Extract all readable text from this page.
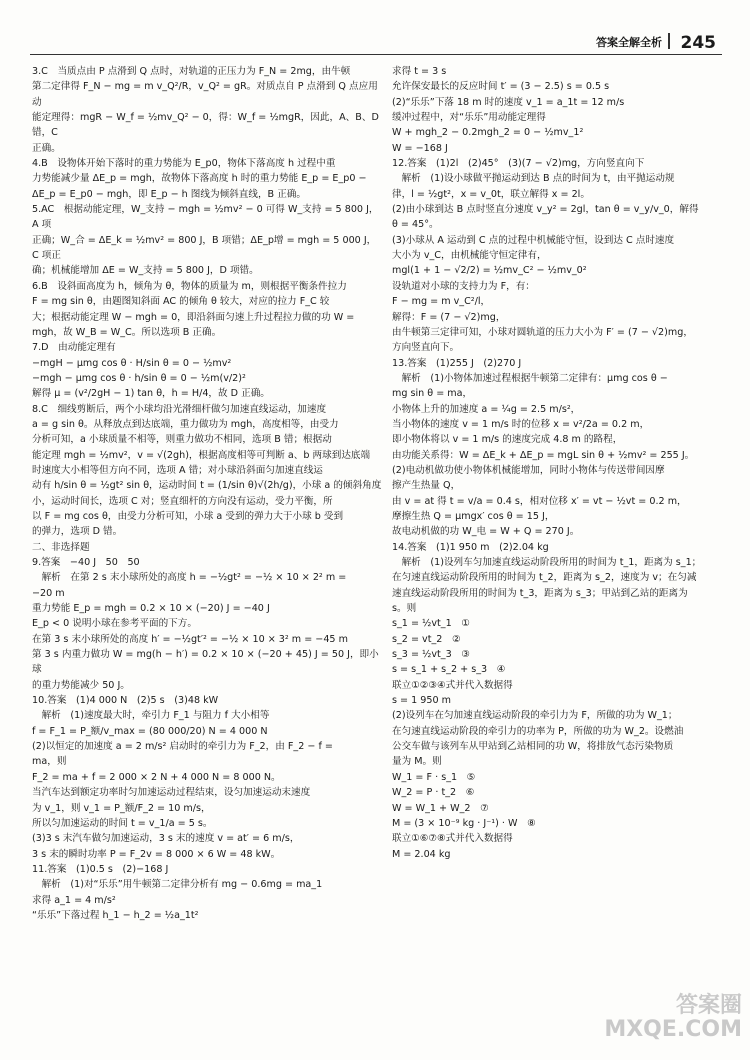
答案全解全析 245

3.C　当质点由 P 点滑到 Q 点时，对轨道的正压力为 F_N = 2mg，由牛顿

第二定律得 F_N − mg = m v_Q²/R，v_Q² = gR。对质点自 P 点滑到 Q 点应用动

能定理得：mgR − W_f = ½mv_Q² − 0，得：W_f = ½mgR，因此，A、B、D 错，C

正确。

4.B　设物体开始下落时的重力势能为 E_p0，物体下落高度 h 过程中重

力势能减少量 ΔE_p = mgh，故物体下落高度 h 时的重力势能 E_p = E_p0 −

ΔE_p = E_p0 − mgh，即 E_p − h 图线为倾斜直线，B 正确。

5.AC　根据动能定理，W_支持 − mgh = ½mv² − 0 可得 W_支持 = 5 800 J，A 项

正确；W_合 = ΔE_k = ½mv² = 800 J，B 项错；ΔE_p增 = mgh = 5 000 J，C 项正

确；机械能增加 ΔE = W_支持 = 5 800 J，D 项错。

6.B　设斜面高度为 h，倾角为 θ，物体的质量为 m，则根据平衡条件拉力

F = mg sin θ，由题图知斜面 AC 的倾角 θ 较大，对应的拉力 F_C 较

大；根据动能定理 W − mgh = 0，即沿斜面匀速上升过程拉力做的功 W =

mgh，故 W_B = W_C。所以选项 B 正确。

7.D　由动能定理有

−mgH − μmg cos θ · H/sin θ = 0 − ½mv²

−mgh − μmg cos θ · h/sin θ = 0 − ½m(v/2)²

解得 μ = (v²/2gH − 1) tan θ，h = H/4，故 D 正确。

8.C　细线剪断后，两个小球均沿光滑细杆做匀加速直线运动，加速度

a = g sin θ。从释放点到达底端，重力做功为 mgh，高度相等，由受力

分析可知，a 小球质量不相等，则重力做功不相同，选项 B 错；根据动

能定理 mgh = ½mv²，v = √(2gh)，根据高度相等可判断 a、b 两球到达底端

时速度大小相等但方向不同，选项 A 错；对小球沿斜面匀加速直线运

动有 h/sin θ = ½gt² sin θ，运动时间 t = (1/sin θ)√(2h/g)，小球 a 的倾斜角度

小，运动时间长，选项 C 对；竖直细杆的方向没有运动，受力平衡，所

以 F = mg cos θ，由受力分析可知，小球 a 受到的弹力大于小球 b 受到

的弹力，选项 D 错。

二、非选择题

9.答案　−40 J　50　50

　解析　在第 2 s 末小球所处的高度 h = −½gt² = −½ × 10 × 2² m =

−20 m

重力势能 E_p = mgh = 0.2 × 10 × (−20) J = −40 J

E_p < 0 说明小球在参考平面的下方。

在第 3 s 末小球所处的高度 h′ = −½gt′² = −½ × 10 × 3² m = −45 m

第 3 s 内重力做功 W = mg(h − h′) = 0.2 × 10 × (−20 + 45) J = 50 J，即小球

的重力势能减少 50 J。

10.答案　(1)4 000 N　(2)5 s　(3)48 kW

　解析　(1)速度最大时，牵引力 F_1 与阻力 f 大小相等

f = F_1 = P_额/v_max = (80 000/20) N = 4 000 N

(2)以恒定的加速度 a = 2 m/s² 启动时的牵引力为 F_2，由 F_2 − f =

ma，则

F_2 = ma + f = 2 000 × 2 N + 4 000 N = 8 000 N。

当汽车达到额定功率时匀加速运动过程结束，设匀加速运动末速度

为 v_1，则 v_1 = P_额/F_2 = 10 m/s，

所以匀加速运动的时间 t = v_1/a = 5 s。

(3)3 s 末汽车做匀加速运动，3 s 末的速度 v = at′ = 6 m/s，

3 s 末的瞬时功率 P = F_2v = 8 000 × 6 W = 48 kW。

11.答案　(1)0.5 s　(2)−168 J

　解析　(1)对“乐乐”用牛顿第二定律分析有 mg − 0.6mg = ma_1

求得 a_1 = 4 m/s²

“乐乐”下落过程 h_1 − h_2 = ½a_1t²

求得 t = 3 s

允许保安最长的反应时间 t′ = (3 − 2.5) s = 0.5 s

(2)“乐乐”下落 18 m 时的速度 v_1 = a_1t = 12 m/s

缓冲过程中，对“乐乐”用动能定理得

W + mgh_2 − 0.2mgh_2 = 0 − ½mv_1²

W = −168 J

12.答案　(1)2l　(2)45°　(3)(7 − √2)mg，方向竖直向下

　解析　(1)设小球做平抛运动到达 B 点的时间为 t，由平抛运动规

律，l = ½gt²，x = v_0t，联立解得 x = 2l。

(2)由小球到达 B 点时竖直分速度 v_y² = 2gl，tan θ = v_y/v_0，解得

θ = 45°。

(3)小球从 A 运动到 C 点的过程中机械能守恒，设到达 C 点时速度

大小为 v_C，由机械能守恒定律有，

mgl(1 + 1 − √2/2) = ½mv_C² − ½mv_0²

设轨道对小球的支持力为 F，有：

F − mg = m v_C²/l，

解得：F = (7 − √2)mg，

由牛顿第三定律可知，小球对圆轨道的压力大小为 F′ = (7 − √2)mg，

方向竖直向下。

13.答案　(1)255 J　(2)270 J

　解析　(1)小物体加速过程根据牛顿第二定律有：μmg cos θ −

mg sin θ = ma，

小物体上升的加速度 a = ¼g = 2.5 m/s²，

当小物体的速度 v = 1 m/s 时的位移 x = v²/2a = 0.2 m，

即小物体将以 v = 1 m/s 的速度完成 4.8 m 的路程，

由功能关系得：W = ΔE_k + ΔE_p = mgL sin θ + ½mv² = 255 J。

(2)电动机做功使小物体机械能增加，同时小物体与传送带间因摩

擦产生热量 Q，

由 v = at 得 t = v/a = 0.4 s，相对位移 x′ = vt − ½vt = 0.2 m，

摩擦生热 Q = μmgx′ cos θ = 15 J，

故电动机做的功 W_电 = W + Q = 270 J。

14.答案　(1)1 950 m　(2)2.04 kg

　解析　(1)设列车匀加速直线运动阶段所用的时间为 t_1，距离为 s_1；

在匀速直线运动阶段所用的时间为 t_2，距离为 s_2，速度为 v；在匀减

速直线运动阶段所用的时间为 t_3，距离为 s_3；甲站到乙站的距离为

s。则

s_1 = ½vt_1　①

s_2 = vt_2　②

s_3 = ½vt_3　③

s = s_1 + s_2 + s_3　④

联立①②③④式并代入数据得

s = 1 950 m

(2)设列车在匀加速直线运动阶段的牵引力为 F，所做的功为 W_1；

在匀速直线运动阶段的牵引力的功率为 P，所做的功为 W_2。设燃油

公交车做与该列车从甲站到乙站相同的功 W，将排放气态污染物质

量为 M。则

W_1 = F · s_1　⑤

W_2 = P · t_2　⑥

W = W_1 + W_2　⑦

M = (3 × 10⁻⁹ kg · J⁻¹) · W　⑧

联立①⑥⑦⑧式并代入数据得

M = 2.04 kg

答案圈 MXQE.COM
